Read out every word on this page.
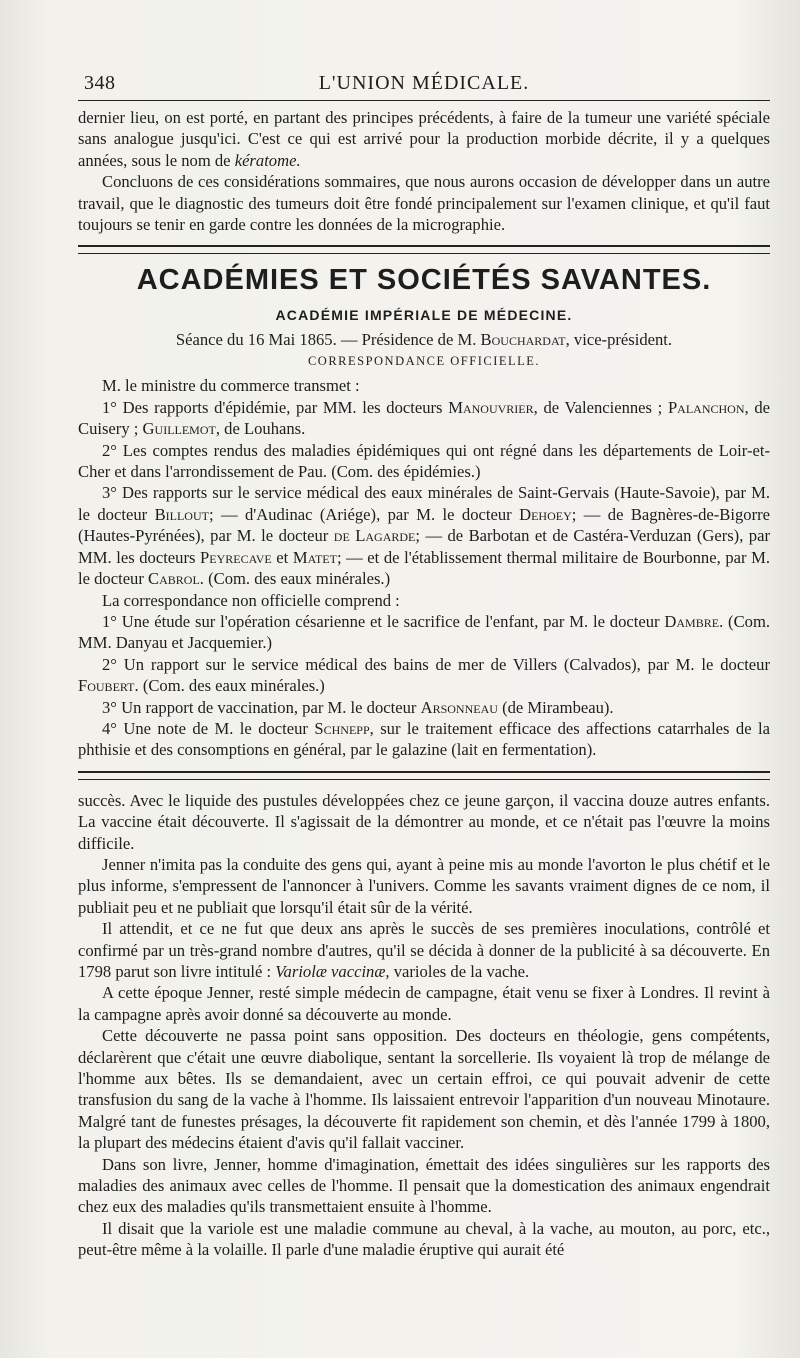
348	L'UNION MÉDICALE.

dernier lieu, on est porté, en partant des principes précédents, à faire de la tumeur une variété spéciale sans analogue jusqu'ici. C'est ce qui est arrivé pour la production morbide décrite, il y a quelques années, sous le nom de kératome.

Concluons de ces considérations sommaires, que nous aurons occasion de développer dans un autre travail, que le diagnostic des tumeurs doit être fondé principalement sur l'examen clinique, et qu'il faut toujours se tenir en garde contre les données de la micrographie.

ACADÉMIES ET SOCIÉTÉS SAVANTES.
ACADÉMIE IMPÉRIALE DE MÉDECINE.
Séance du 16 Mai 1865. — Présidence de M. Bouchardat, vice-président.
CORRESPONDANCE OFFICIELLE.

M. le ministre du commerce transmet :

1° Des rapports d'épidémie, par MM. les docteurs Manouvrier, de Valenciennes ; Palanchon, de Cuisery ; Guillemot, de Louhans.

2° Les comptes rendus des maladies épidémiques qui ont régné dans les départements de Loir-et-Cher et dans l'arrondissement de Pau. (Com. des épidémies.)

3° Des rapports sur le service médical des eaux minérales de Saint-Gervais (Haute-Savoie), par M. le docteur Billout; — d'Audinac (Ariége), par M. le docteur Dehoey; — de Bagnères-de-Bigorre (Hautes-Pyrénées), par M. le docteur de Lagarde; — de Barbotan et de Castéra-Verduzan (Gers), par MM. les docteurs Peyrecave et Matet; — et de l'établissement thermal militaire de Bourbonne, par M. le docteur Cabrol. (Com. des eaux minérales.)

La correspondance non officielle comprend :

1° Une étude sur l'opération césarienne et le sacrifice de l'enfant, par M. le docteur Dambre. (Com. MM. Danyau et Jacquemier.)

2° Un rapport sur le service médical des bains de mer de Villers (Calvados), par M. le docteur Foubert. (Com. des eaux minérales.)

3° Un rapport de vaccination, par M. le docteur Arsonneau (de Mirambeau).

4° Une note de M. le docteur Schnepp, sur le traitement efficace des affections catarrhales de la phthisie et des consomptions en général, par le galazine (lait en fermentation).

succès. Avec le liquide des pustules développées chez ce jeune garçon, il vaccina douze autres enfants. La vaccine était découverte. Il s'agissait de la démontrer au monde, et ce n'était pas l'œuvre la moins difficile.

Jenner n'imita pas la conduite des gens qui, ayant à peine mis au monde l'avorton le plus chétif et le plus informe, s'empressent de l'annoncer à l'univers. Comme les savants vraiment dignes de ce nom, il publiait peu et ne publiait que lorsqu'il était sûr de la vérité.

Il attendit, et ce ne fut que deux ans après le succès de ses premières inoculations, contrôlé et confirmé par un très-grand nombre d'autres, qu'il se décida à donner de la publicité à sa découverte. En 1798 parut son livre intitulé : Variolæ vaccinæ, varioles de la vache.

A cette époque Jenner, resté simple médecin de campagne, était venu se fixer à Londres. Il revint à la campagne après avoir donné sa découverte au monde.

Cette découverte ne passa point sans opposition. Des docteurs en théologie, gens compétents, déclarèrent que c'était une œuvre diabolique, sentant la sorcellerie. Ils voyaient là trop de mélange de l'homme aux bêtes. Ils se demandaient, avec un certain effroi, ce qui pouvait advenir de cette transfusion du sang de la vache à l'homme. Ils laissaient entrevoir l'apparition d'un nouveau Minotaure. Malgré tant de funestes présages, la découverte fit rapidement son chemin, et dès l'année 1799 à 1800, la plupart des médecins étaient d'avis qu'il fallait vacciner.

Dans son livre, Jenner, homme d'imagination, émettait des idées singulières sur les rapports des maladies des animaux avec celles de l'homme. Il pensait que la domestication des animaux engendrait chez eux des maladies qu'ils transmettaient ensuite à l'homme.

Il disait que la variole est une maladie commune au cheval, à la vache, au mouton, au porc, etc., peut-être même à la volaille. Il parle d'une maladie éruptive qui aurait été
